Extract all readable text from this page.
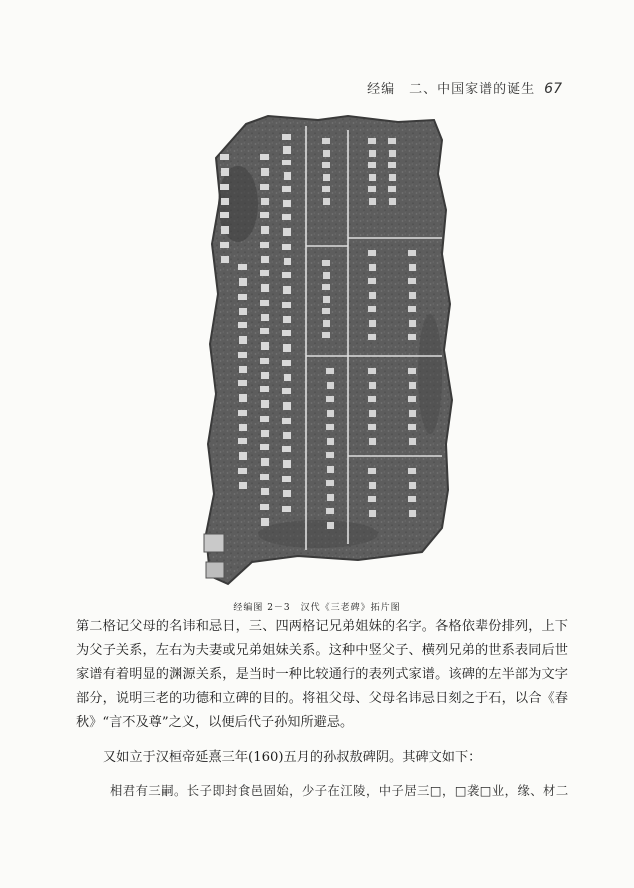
经编　二、中国家谱的诞生 67
经编图 2－3　汉代《三老碑》拓片图

第二格记父母的名讳和忌日，三、四两格记兄弟姐妹的名字。各格依辈份排列，上下为父子关系，左右为夫妻或兄弟姐妹关系。这种中竖父子、横列兄弟的世系表同后世家谱有着明显的渊源关系，是当时一种比较通行的表列式家谱。该碑的左半部为文字部分，说明三老的功德和立碑的目的。将祖父母、父母名讳忌日刻之于石，以合《春秋》“言不及尊”之义，以便后代子孙知所避忌。

又如立于汉桓帝延熹三年(160)五月的孙叔敖碑阴。其碑文如下：

相君有三嗣。长子即封食邑固始，少子在江陵，中子居三□，□袭□业，缘、材二
